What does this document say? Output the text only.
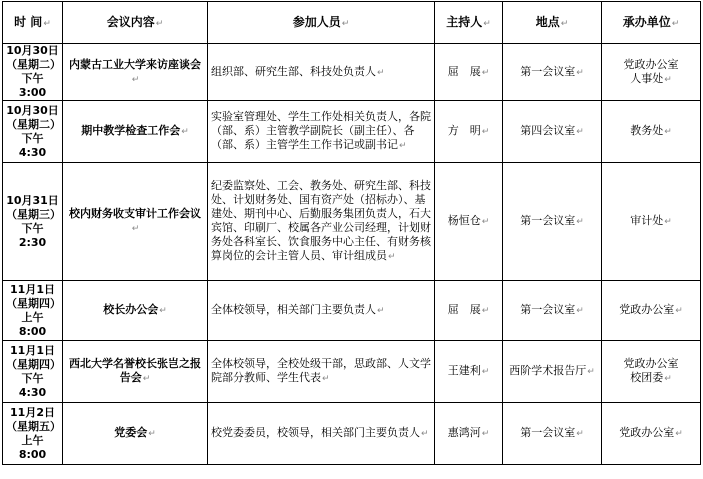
时 间↵	会议内容↵	参加人员↵	主持人↵	地点↵	承办单位↵

10月30日
（星期二）
下午 3:00	内蒙古工业大学来访座谈会↵	组织部、研究生部、科技处负责人↵	屈　展↵	第一会议室↵	党政办公室
人事处↵

10月30日
（星期二）
下午 4:30	期中教学检查工作会↵	实验室管理处、学生工作处相关负责人，各院（部、系）主管教学副院长（副主任）、各（部、系）主管学生工作书记或副书记↵	方　明↵	第四会议室↵	教务处↵

10月31日
（星期三）
下午 2:30	校内财务收支审计工作会议↵	纪委监察处、工会、教务处、研究生部、科技处、计划财务处、国有资产处（招标办）、基建处、期刊中心、后勤服务集团负责人，石大宾馆、印刷厂、校属各产业公司经理，计划财务处各科室长、饮食服务中心主任、有财务核算岗位的会计主管人员、审计组成员↵	杨恒仓↵	第一会议室↵	审计处↵

11月1日
（星期四）
上午 8:00	校长办公会↵	全体校领导，相关部门主要负责人↵	屈　展↵	第一会议室↵	党政办公室↵

11月1日
（星期四）
下午 4:30	西北大学名誉校长张岂之报告会↵	全体校领导，全校处级干部，思政部、人文学院部分教师、学生代表↵	王建利↵	西阶学术报告厅↵	党政办公室
校团委↵

11月2日
（星期五）
上午 8:00	党委会↵	校党委委员，校领导，相关部门主要负责人↵	惠鸿河↵	第一会议室↵	党政办公室↵
